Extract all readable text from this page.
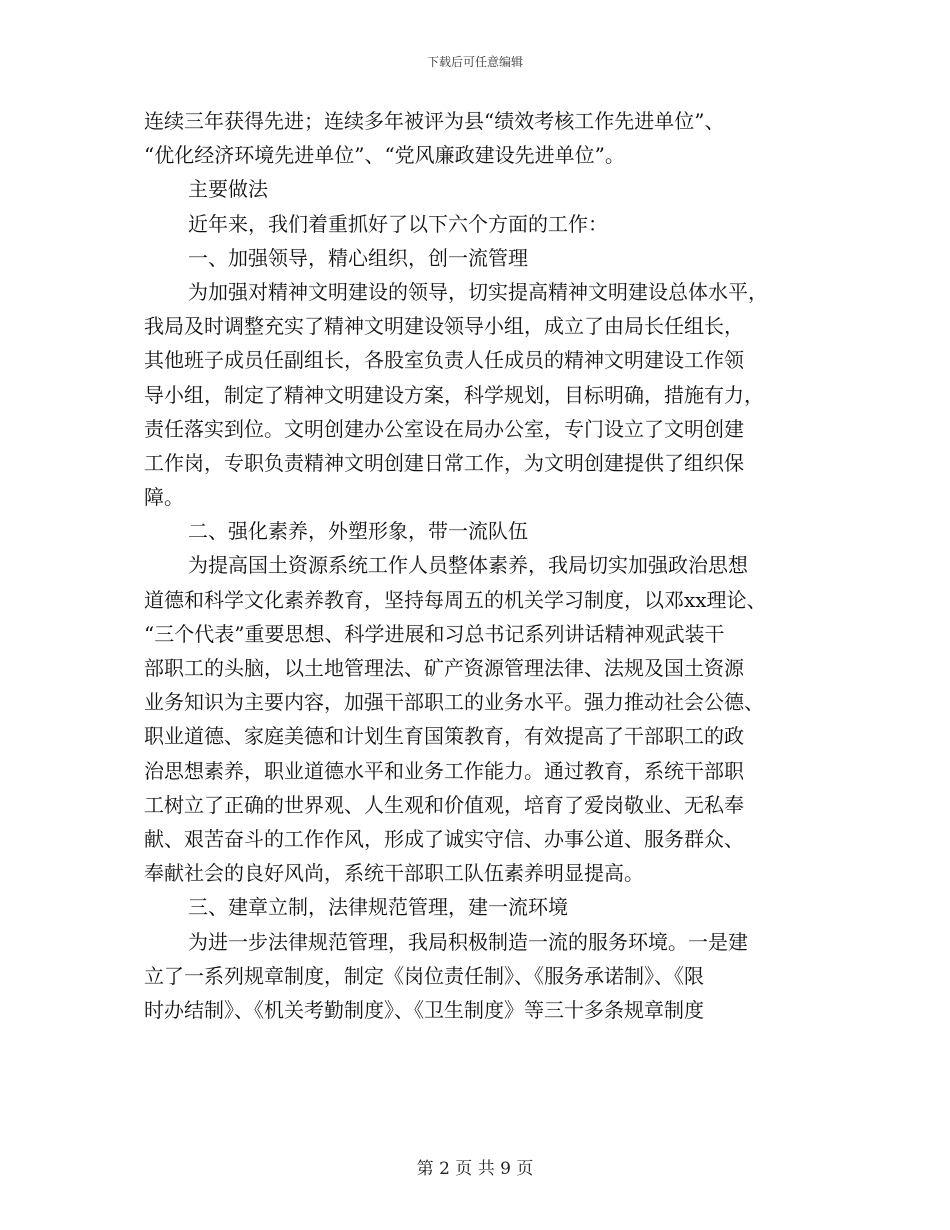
下载后可任意编辑
连续三年获得先进；连续多年被评为县“绩效考核工作先进单位”、
“优化经济环境先进单位”、“党风廉政建设先进单位”。
主要做法
近年来，我们着重抓好了以下六个方面的工作：
一、加强领导，精心组织，创一流管理
为加强对精神文明建设的领导，切实提高精神文明建设总体水平，
我局及时调整充实了精神文明建设领导小组，成立了由局长任组长，
其他班子成员任副组长，各股室负责人任成员的精神文明建设工作领
导小组，制定了精神文明建设方案，科学规划，目标明确，措施有力，
责任落实到位。文明创建办公室设在局办公室，专门设立了文明创建
工作岗，专职负责精神文明创建日常工作，为文明创建提供了组织保
障。
二、强化素养，外塑形象，带一流队伍
为提高国土资源系统工作人员整体素养，我局切实加强政治思想
道德和科学文化素养教育，坚持每周五的机关学习制度，以邓xx理论、
“三个代表”重要思想、科学进展和习总书记系列讲话精神观武装干
部职工的头脑，以土地管理法、矿产资源管理法律、法规及国土资源
业务知识为主要内容，加强干部职工的业务水平。强力推动社会公德、
职业道德、家庭美德和计划生育国策教育，有效提高了干部职工的政
治思想素养，职业道德水平和业务工作能力。通过教育，系统干部职
工树立了正确的世界观、人生观和价值观，培育了爱岗敬业、无私奉
献、艰苦奋斗的工作作风，形成了诚实守信、办事公道、服务群众、
奉献社会的良好风尚，系统干部职工队伍素养明显提高。
三、建章立制，法律规范管理，建一流环境
为进一步法律规范管理，我局积极制造一流的服务环境。一是建
立了一系列规章制度，制定《岗位责任制》、《服务承诺制》、《限
时办结制》、《机关考勤制度》、《卫生制度》等三十多条规章制度
第 2 页 共 9 页
